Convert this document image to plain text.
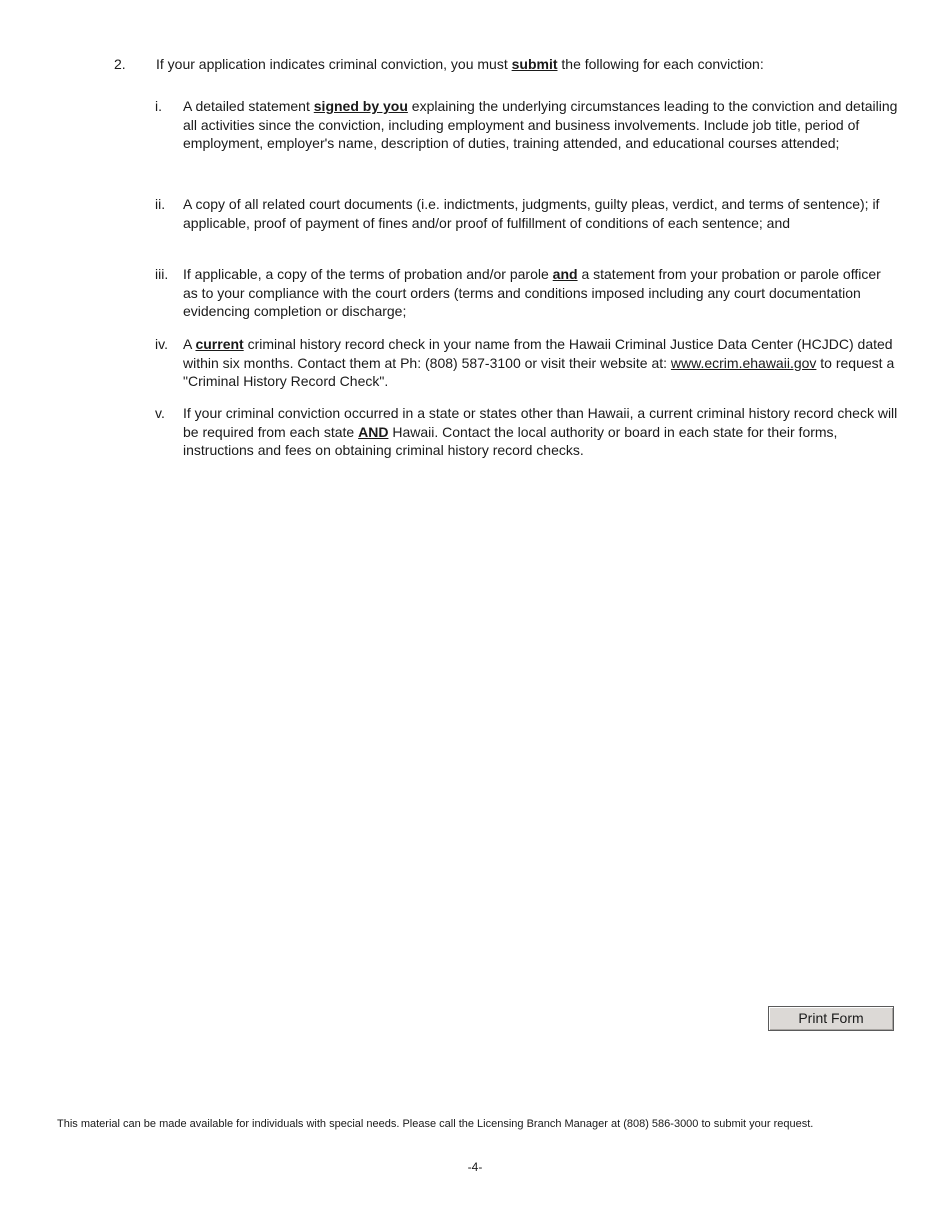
2. If your application indicates criminal conviction, you must submit the following for each conviction:
i. A detailed statement signed by you explaining the underlying circumstances leading to the conviction and detailing all activities since the conviction, including employment and business involvements. Include job title, period of employment, employer's name, description of duties, training attended, and educational courses attended;
ii. A copy of all related court documents (i.e. indictments, judgments, guilty pleas, verdict, and terms of sentence); if applicable, proof of payment of fines and/or proof of fulfillment of conditions of each sentence; and
iii. If applicable, a copy of the terms of probation and/or parole and a statement from your probation or parole officer as to your compliance with the court orders (terms and conditions imposed including any court documentation evidencing completion or discharge;
iv. A current criminal history record check in your name from the Hawaii Criminal Justice Data Center (HCJDC) dated within six months. Contact them at Ph: (808) 587-3100 or visit their website at: www.ecrim.ehawaii.gov to request a "Criminal History Record Check".
v. If your criminal conviction occurred in a state or states other than Hawaii, a current criminal history record check will be required from each state AND Hawaii. Contact the local authority or board in each state for their forms, instructions and fees on obtaining criminal history record checks.
Print Form
This material can be made available for individuals with special needs. Please call the Licensing Branch Manager at (808) 586-3000 to submit your request.
-4-
